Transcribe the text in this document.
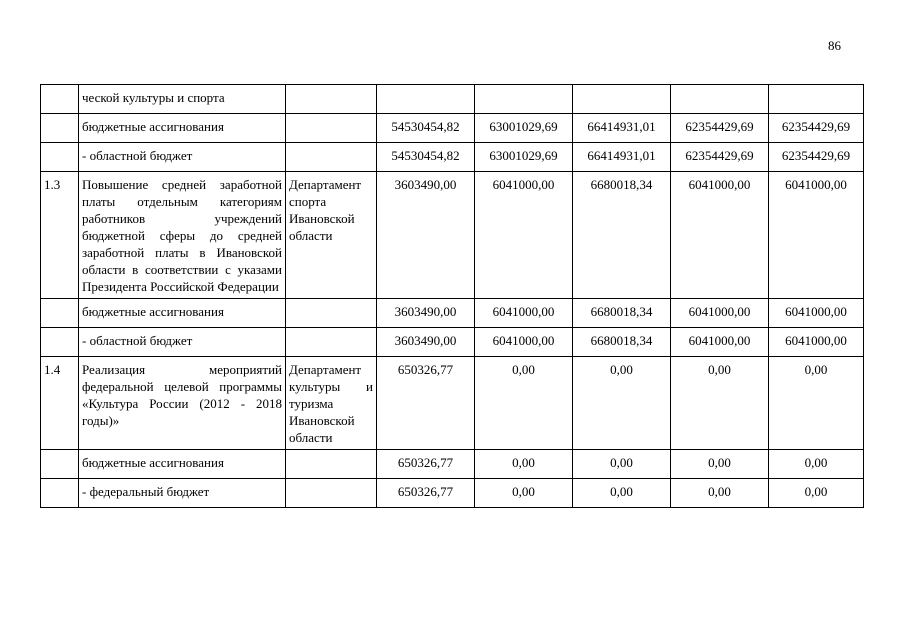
86
	ческой культуры и спорта						
	бюджетные ассигнования		54530454,82	63001029,69	66414931,01	62354429,69	62354429,69
	- областной бюджет		54530454,82	63001029,69	66414931,01	62354429,69	62354429,69
1.3	Повышение средней заработной платы отдельным категориям работников учреждений бюджетной сферы до средней заработной платы в Ивановской области в соответствии с указами Президента Российской Федерации	Департамент спорта Ивановской области	3603490,00	6041000,00	6680018,34	6041000,00	6041000,00
	бюджетные ассигнования		3603490,00	6041000,00	6680018,34	6041000,00	6041000,00
	- областной бюджет		3603490,00	6041000,00	6680018,34	6041000,00	6041000,00
1.4	Реализация мероприятий федеральной целевой программы «Культура России (2012 - 2018 годы)»	Департамент культуры и туризма Ивановской области	650326,77	0,00	0,00	0,00	0,00
	бюджетные ассигнования		650326,77	0,00	0,00	0,00	0,00
	- федеральный бюджет		650326,77	0,00	0,00	0,00	0,00
